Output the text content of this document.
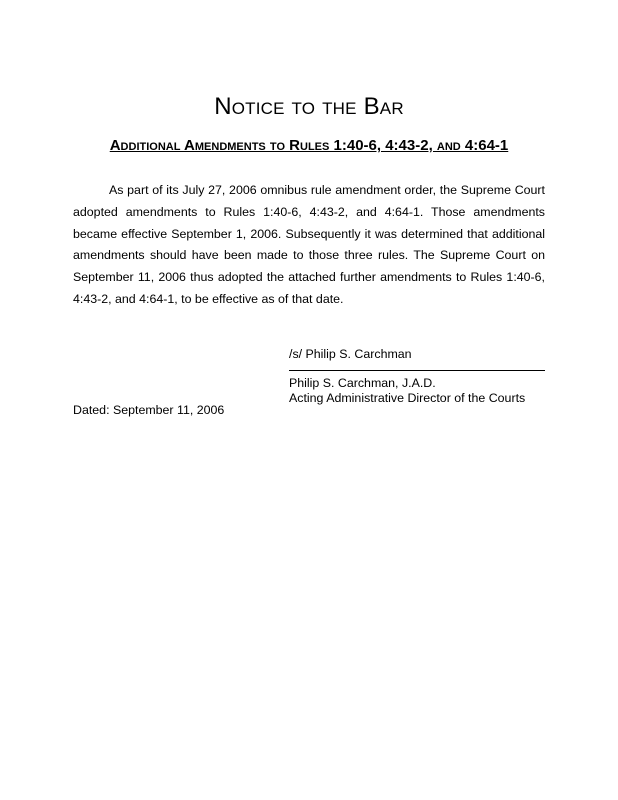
Notice to the Bar
Additional Amendments to Rules 1:40-6, 4:43-2, and 4:64-1

As part of its July 27, 2006 omnibus rule amendment order, the Supreme Court adopted amendments to Rules 1:40-6, 4:43-2, and 4:64-1. Those amendments became effective September 1, 2006. Subsequently it was determined that additional amendments should have been made to those three rules. The Supreme Court on September 11, 2006 thus adopted the attached further amendments to Rules 1:40-6, 4:43-2, and 4:64-1, to be effective as of that date.

/s/ Philip S. Carchman
Philip S. Carchman, J.A.D.
Acting Administrative Director of the Courts
Dated: September 11, 2006
